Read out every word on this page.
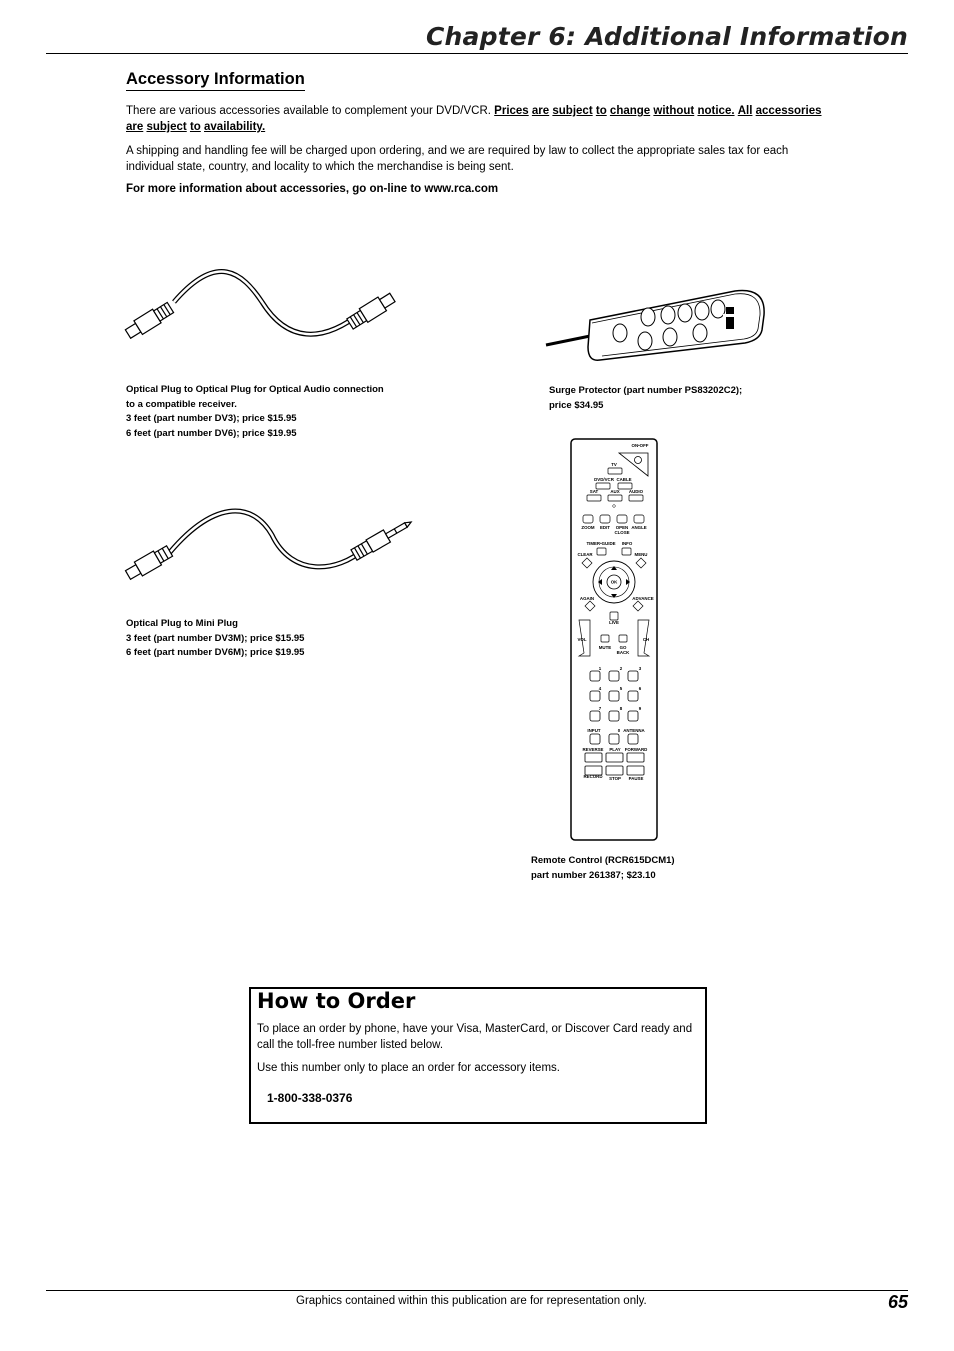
Chapter 6: Additional Information
Accessory Information
There are various accessories available to complement your DVD/VCR. Prices are subject to change without notice. All accessories are subject to availability.
A shipping and handling fee will be charged upon ordering, and we are required by law to collect the appropriate sales tax for each individual state, country, and locality to which the merchandise is being sent.
For more information about accessories, go on-line to www.rca.com
Optical Plug to Optical Plug for Optical Audio connection
to a compatible receiver.
3 feet (part number DV3); price $15.95
6 feet (part number DV6); price $19.95
Surge Protector (part number PS83202C2);
price $34.95
Optical Plug to Mini Plug
3 feet (part number DV3M); price $15.95
6 feet (part number DV6M); price $19.95
Remote Control (RCR615DCM1)
part number 261387; $23.10
ON•OFF
TV
DVD/VCR CABLE
SAT	AUX AUDIO
ZOOM EDIT OPEN
CLOSE
ANGLE
TIMER•GUIDE INFO
CLEAR	MENU
OK
AGAIN	ADVANCE
LIVE
VOL	CH
MUTE GO
BACK
1	2	3
4	5	6
7	8	9
INPUT	0 ANTENNA
REVERSE PLAY FORWARD
RECORD STOP PAUSE
How to Order
To place an order by phone, have your Visa, MasterCard, or Discover Card ready and call the toll-free number listed below.
Use this number only to place an order for accessory items.
1-800-338-0376
Graphics contained within this publication are for representation only.	65
